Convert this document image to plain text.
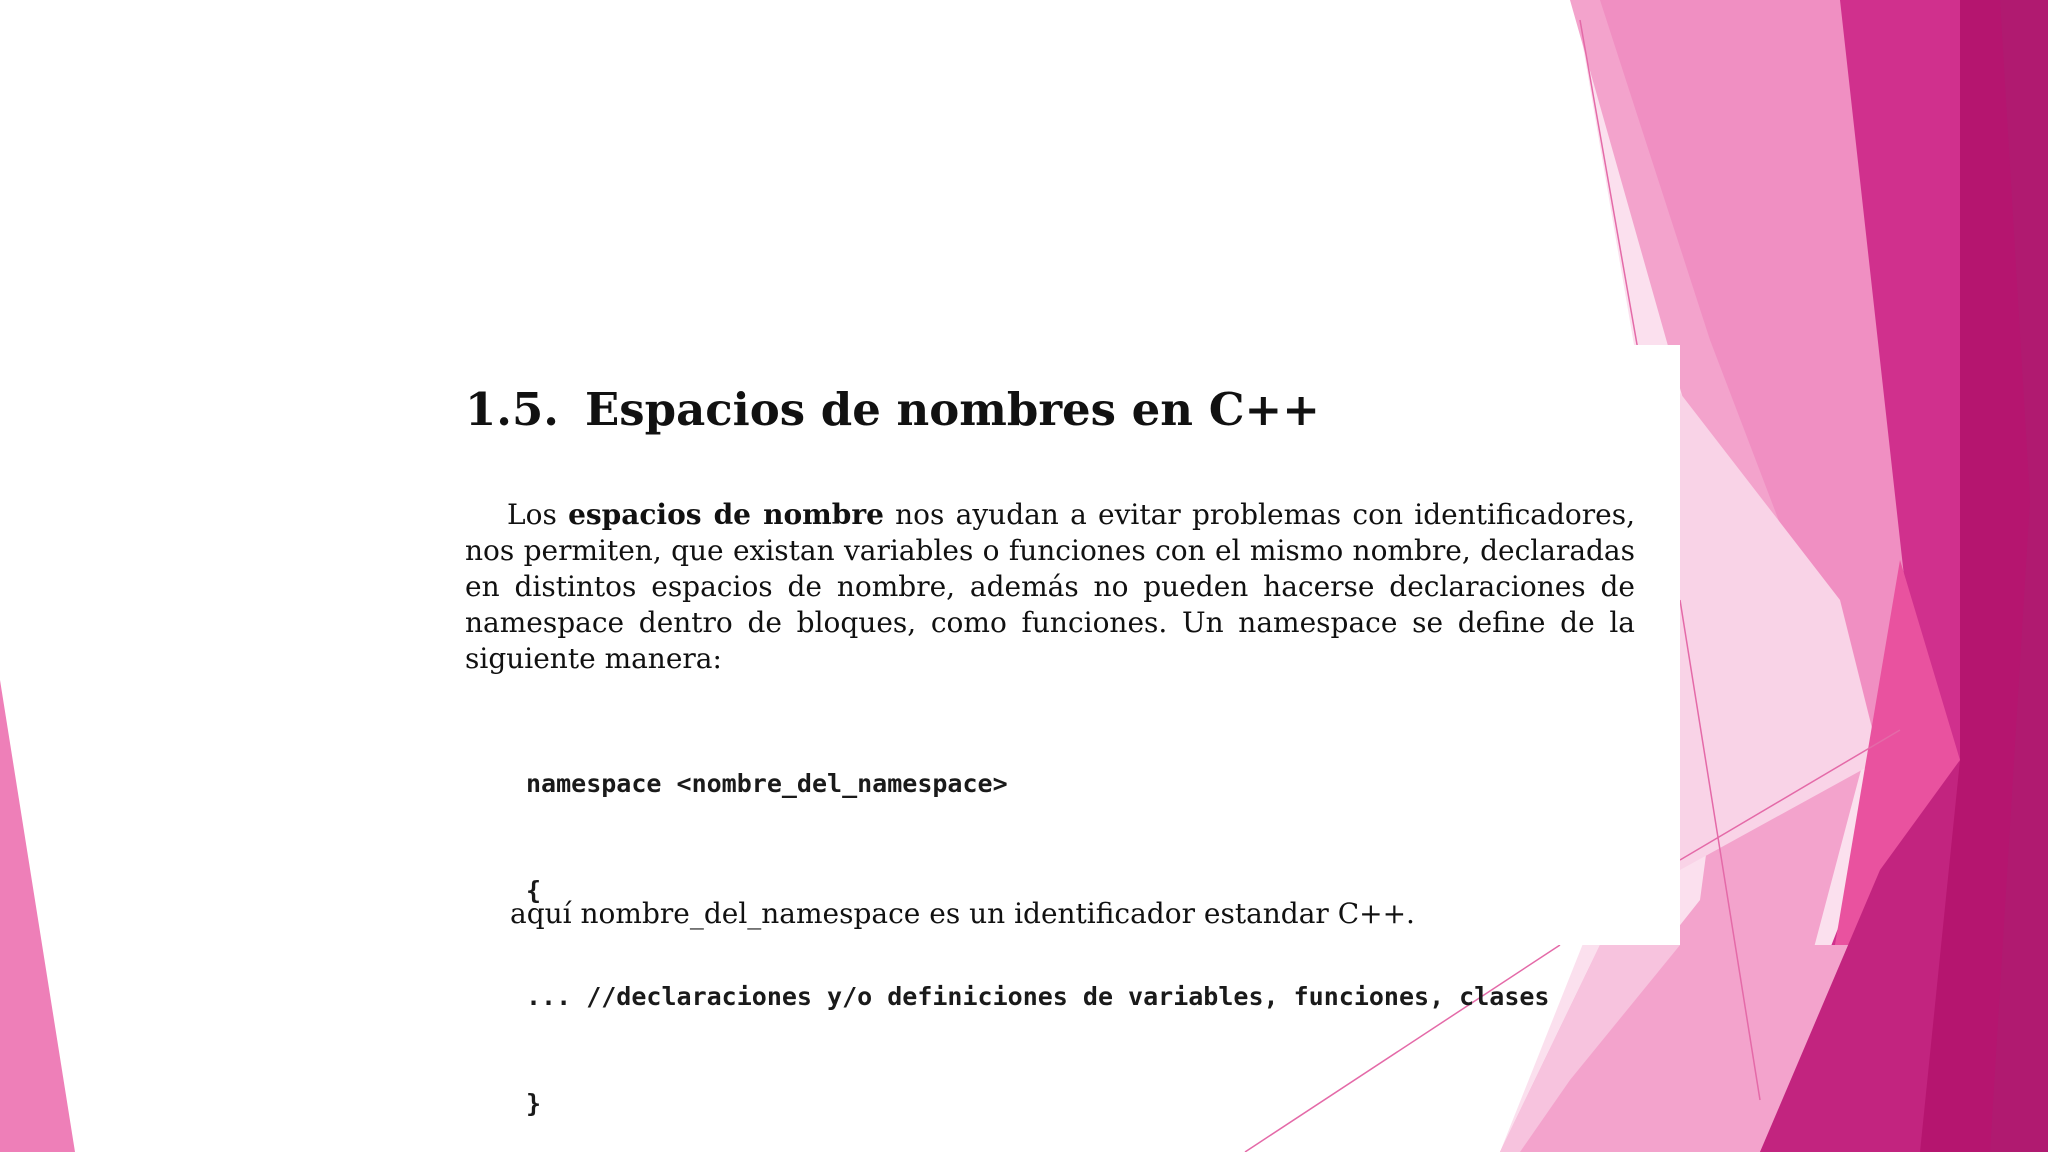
1.5. Espacios de nombres en C++
Los espacios de nombre nos ayudan a evitar problemas con identificadores, nos permiten, que existan variables o funciones con el mismo nombre, declaradas en distintos espacios de nombre, además no pueden hacerse declaraciones de namespace dentro de bloques, como funciones. Un namespace se define de la siguiente manera:

namespace <nombre_del_namespace>

{

... //declaraciones y/o definiciones de variables, funciones, clases

}

aquí nombre_del_namespace es un identificador estandar C++.
